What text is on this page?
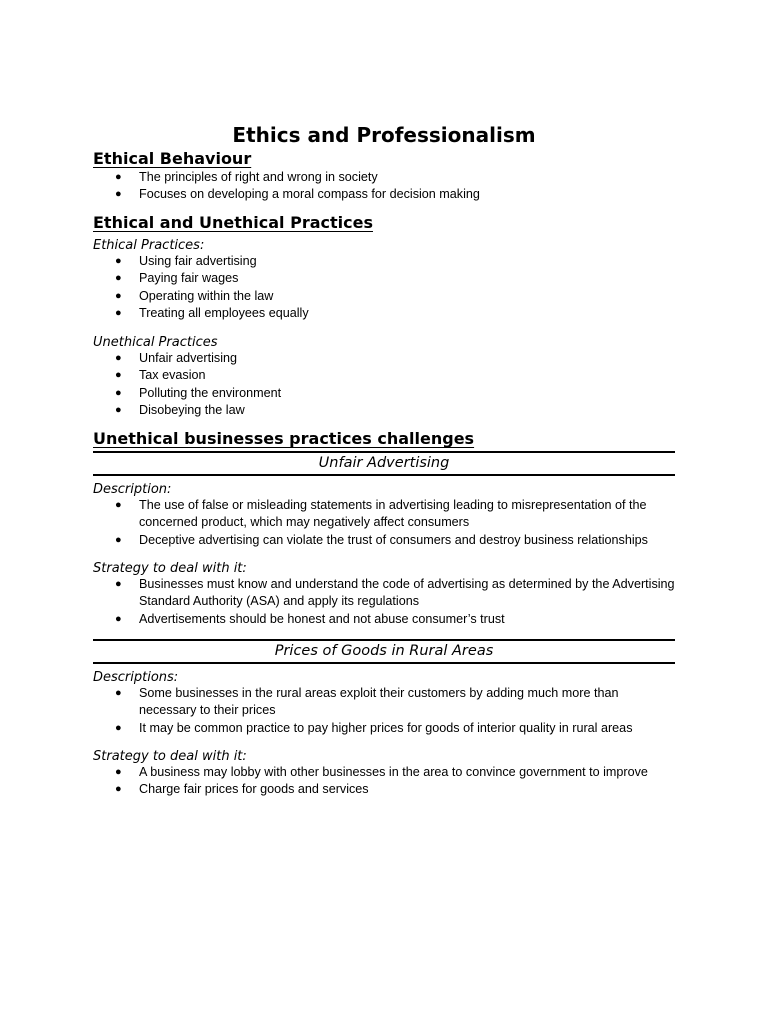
Ethics and Professionalism
Ethical Behaviour
● The principles of right and wrong in society
● Focuses on developing a moral compass for decision making
Ethical and Unethical Practices

Ethical Practices:

● Using fair advertising
● Paying fair wages
● Operating within the law
● Treating all employees equally

Unethical Practices

● Unfair advertising
● Tax evasion
● Polluting the environment
● Disobeying the law
Unethical businesses practices challenges
Unfair Advertising

Description:

● The use of false or misleading statements in advertising leading to misrepresentation of the concerned product, which may negatively affect consumers
● Deceptive advertising can violate the trust of consumers and destroy business relationships

Strategy to deal with it:

● Businesses must know and understand the code of advertising as determined by the Advertising Standard Authority (ASA) and apply its regulations
● Advertisements should be honest and not abuse consumer’s trust
Prices of Goods in Rural Areas

Descriptions:

● Some businesses in the rural areas exploit their customers by adding much more than necessary to their prices
● It may be common practice to pay higher prices for goods of interior quality in rural areas

Strategy to deal with it:

● A business may lobby with other businesses in the area to convince government to improve
● Charge fair prices for goods and services
